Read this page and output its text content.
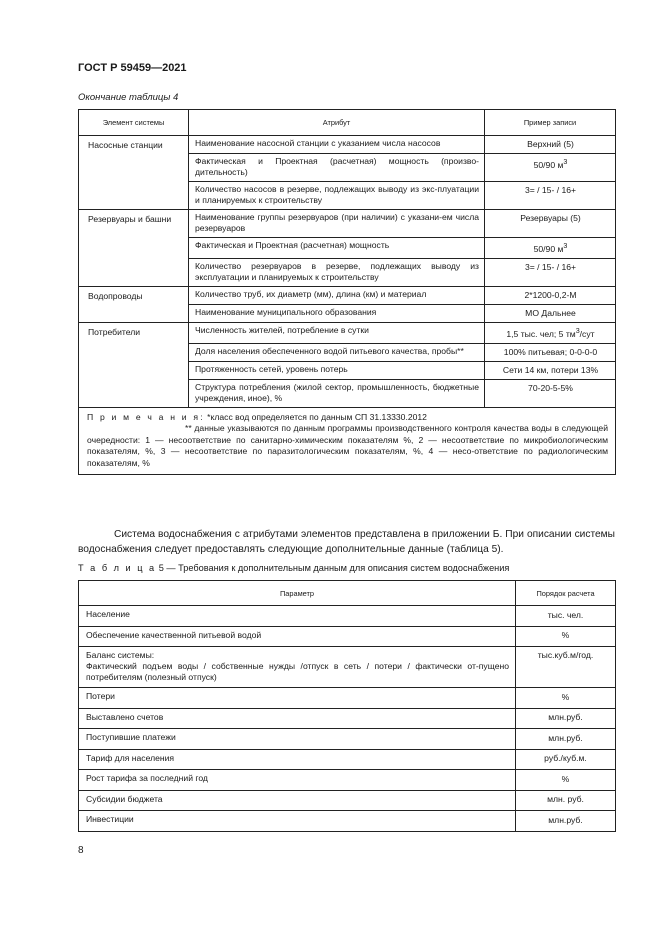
ГОСТ Р 59459—2021
Окончание таблицы 4
Элемент системы	Атрибут	Пример записи
Насосные станции	Наименование насосной станции с указанием числа насосов	Верхний (5)
	Фактическая и Проектная (расчетная) мощность (произво-дительность)	50/90 $м^3$
	Количество насосов в резерве, подлежащих выводу из экс-плуатации и планируемых к строительству	3= / 15- / 16+
Резервуары и башни	Наименование группы резервуаров (при наличии) с указани-ем числа резервуаров	Резервуары (5)
	Фактическая и Проектная (расчетная) мощность	50/90 $м^3$
	Количество резервуаров в резерве, подлежащих выводу из эксплуатации и планируемых к строительству	3= / 15- / 16+
Водопроводы	Количество труб, их диаметр (мм), длина (км) и материал	2*1200-0,2-М
	Наименование муниципального образования	МО Дальнее
Потребители	Численность жителей, потребление в сутки	1,5 тыс. чел; 5 $тм^3$/сут
	Доля населения обеспеченного водой питьевого качества, пробы**	100% питьевая; 0-0-0-0
	Протяженность сетей, уровень потерь	Сети 14 км, потери 13%
	Структура потребления (жилой сектор, промышленность, бюджетные учреждения, иное), %	70-20-5-5%

П р и м е ч а н и я: *класс вод определяется по данным СП 31.13330.2012
** данные указываются по данным программы производственного контроля качества воды в следующей очередности: 1 — несоответствие по санитарно-химическим показателям %, 2 — несоответствие по микробиологическим показателям, %, 3 — несоответствие по паразитологическим показателям, %, 4 — несо-ответствие по радиологическим показателям, %		

Система водоснабжения с атрибутами элементов представлена в приложении Б. При описании системы водоснабжения следует предоставлять следующие дополнительные данные (таблица 5).

Т а б л и ц а 5 — Требования к дополнительным данным для описания систем водоснабжения
Параметр	Порядок расчета
Население	тыс. чел.
Обеспечение качественной питьевой водой	%

Баланс системы:
Фактический подъем воды / собственные нужды /отпуск в сеть / потери / фактически от-пущено потребителям (полезный отпуск)	тыс.куб.м/год.
Потери	%
Выставлено счетов	млн.руб.
Поступившие платежи	млн.руб.
Тариф для населения	руб./куб.м.
Рост тарифа за последний год	%
Субсидии бюджета	млн. руб.
Инвестиции	млн.руб.
8
